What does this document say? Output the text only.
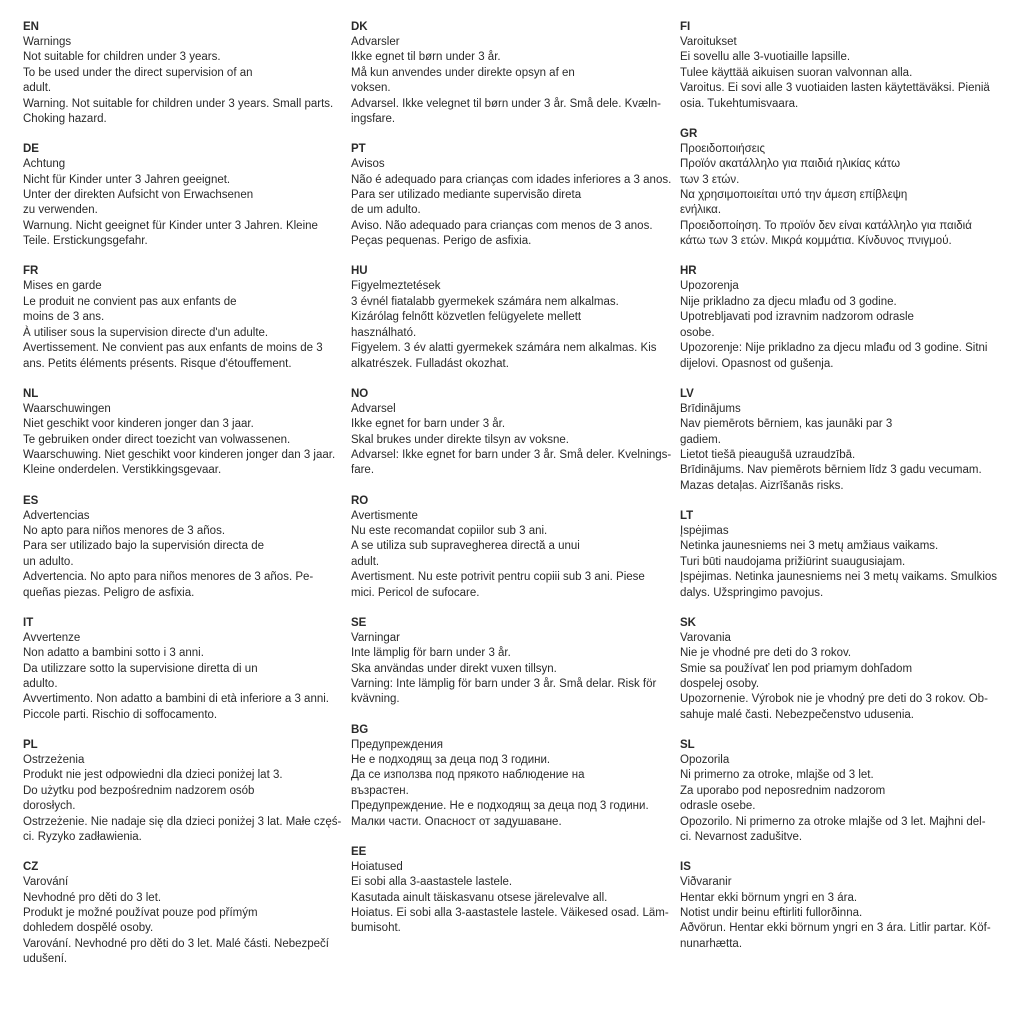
EN
Warnings
Not suitable for children under 3 years.
To be used under the direct supervision of an
adult.
Warning. Not suitable for children under 3 years. Small parts.
Choking hazard.
DE
Achtung
Nicht für Kinder unter 3 Jahren geeignet.
Unter der direkten Aufsicht von Erwachsenen
zu verwenden.
Warnung. Nicht geeignet für Kinder unter 3 Jahren. Kleine
Teile. Erstickungsgefahr.
FR
Mises en garde
Le produit ne convient pas aux enfants de
moins de 3 ans.
À utiliser sous la supervision directe d'un adulte.
Avertissement. Ne convient pas aux enfants de moins de 3
ans. Petits éléments présents. Risque d'étouffement.
NL
Waarschuwingen
Niet geschikt voor kinderen jonger dan 3 jaar.
Te gebruiken onder direct toezicht van volwassenen.
Waarschuwing. Niet geschikt voor kinderen jonger dan 3 jaar.
Kleine onderdelen. Verstikkingsgevaar.
ES
Advertencias
No apto para niños menores de 3 años.
Para ser utilizado bajo la supervisión directa de
un adulto.
Advertencia. No apto para niños menores de 3 años. Pe-
queñas piezas. Peligro de asfixia.
IT
Avvertenze
Non adatto a bambini sotto i 3 anni.
Da utilizzare sotto la supervisione diretta di un
adulto.
Avvertimento. Non adatto a bambini di età inferiore a 3 anni.
Piccole parti. Rischio di soffocamento.
PL
Ostrzeżenia
Produkt nie jest odpowiedni dla dzieci poniżej lat 3.
Do użytku pod bezpośrednim nadzorem osób
dorosłych.
Ostrzeżenie. Nie nadaje się dla dzieci poniżej 3 lat. Małe częś-
ci. Ryzyko zadławienia.
CZ
Varování
Nevhodné pro děti do 3 let.
Produkt je možné používat pouze pod přímým
dohledem dospělé osoby.
Varování. Nevhodné pro děti do 3 let. Malé části. Nebezpečí
udušení.
DK
Advarsler
Ikke egnet til børn under 3 år.
Må kun anvendes under direkte opsyn af en
voksen.
Advarsel. Ikke velegnet til børn under 3 år. Små dele. Kvæln-
ingsfare.
PT
Avisos
Não é adequado para crianças com idades inferiores a 3 anos.
Para ser utilizado mediante supervisão direta
de um adulto.
Aviso. Não adequado para crianças com menos de 3 anos.
Peças pequenas. Perigo de asfixia.
HU
Figyelmeztetések
3 évnél fiatalabb gyermekek számára nem alkalmas.
Kizárólag felnőtt közvetlen felügyelete mellett
használható.
Figyelem. 3 év alatti gyermekek számára nem alkalmas. Kis
alkatrészek. Fulladást okozhat.
NO
Advarsel
Ikke egnet for barn under 3 år.
Skal brukes under direkte tilsyn av voksne.
Advarsel: Ikke egnet for barn under 3 år. Små deler. Kvelnings-
fare.
RO
Avertismente
Nu este recomandat copiilor sub 3 ani.
A se utiliza sub supravegherea directă a unui
adult.
Avertisment. Nu este potrivit pentru copiii sub 3 ani. Piese
mici. Pericol de sufocare.
SE
Varningar
Inte lämplig för barn under 3 år.
Ska användas under direkt vuxen tillsyn.
Varning: Inte lämplig för barn under 3 år. Små delar. Risk för
kvävning.
BG
Предупреждения
Не е подходящ за деца под 3 години.
Да се използва под прякото наблюдение на
възрастен.
Предупреждение. Не е подходящ за деца под 3 години.
Малки части. Опасност от задушаване.
EE
Hoiatused
Ei sobi alla 3-aastastele lastele.
Kasutada ainult täiskasvanu otsese järelevalve all.
Hoiatus. Ei sobi alla 3-aastastele lastele. Väikesed osad. Läm-
bumisoht.
FI
Varoitukset
Ei sovellu alle 3-vuotiaille lapsille.
Tulee käyttää aikuisen suoran valvonnan alla.
Varoitus. Ei sovi alle 3 vuotiaiden lasten käytettäväksi. Pieniä
osia. Tukehtumisvaara.
GR
Προειδοποιήσεις
Προϊόν ακατάλληλο για παιδιά ηλικίας κάτω
των 3 ετών.
Να χρησιμοποιείται υπό την άμεση επίβλεψη
ενήλικα.
Προειδοποίηση. Το προϊόν δεν είναι κατάλληλο για παιδιά
κάτω των 3 ετών. Μικρά κομμάτια. Κίνδυνος πνιγμού.
HR
Upozorenja
Nije prikladno za djecu mlađu od 3 godine.
Upotrebljavati pod izravnim nadzorom odrasle
osobe.
Upozorenje: Nije prikladno za djecu mlađu od 3 godine. Sitni
dijelovi. Opasnost od gušenja.
LV
Brīdinājums
Nav piemērots bērniem, kas jaunāki par 3
gadiem.
Lietot tiešā pieaugušā uzraudzībā.
Brīdinājums. Nav piemērots bērniem līdz 3 gadu vecumam.
Mazas detaļas. Aizrīšanās risks.
LT
Įspėjimas
Netinka jaunesniems nei 3 metų amžiaus vaikams.
Turi būti naudojama prižiūrint suaugusiajam.
Įspėjimas. Netinka jaunesniems nei 3 metų vaikams. Smulkios
dalys. Užspringimo pavojus.
SK
Varovania
Nie je vhodné pre deti do 3 rokov.
Smie sa používať len pod priamym dohľadom
dospelej osoby.
Upozornenie. Výrobok nie je vhodný pre deti do 3 rokov. Ob-
sahuje malé časti. Nebezpečenstvo udusenia.
SL
Opozorila
Ni primerno za otroke, mlajše od 3 let.
Za uporabo pod neposrednim nadzorom
odrasle osebe.
Opozorilo. Ni primerno za otroke mlajše od 3 let. Majhni del-
ci. Nevarnost zadušitve.
IS
Viðvaranir
Hentar ekki börnum yngri en 3 ára.
Notist undir beinu eftirliti fullorðinna.
Aðvörun. Hentar ekki börnum yngri en 3 ára. Litlir partar. Köf-
nunarhætta.
